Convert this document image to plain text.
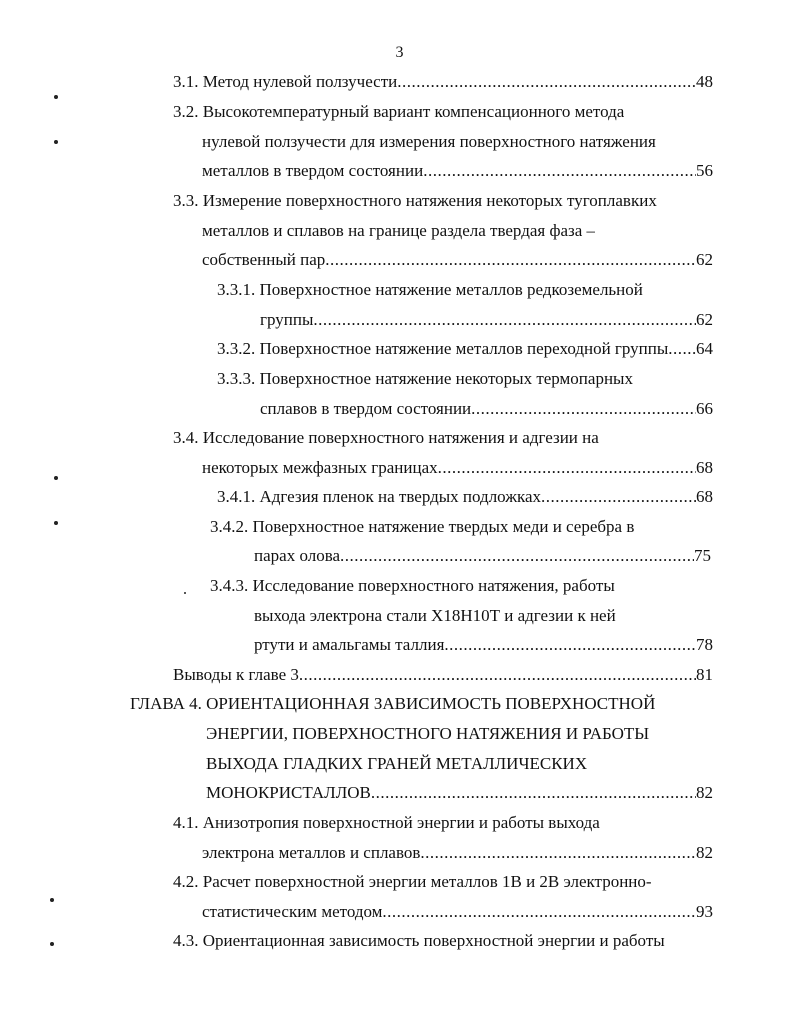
3
3.1. Метод нулевой ползучести .....	48
3.2. Высокотемпературный вариант компенсационного метода
нулевой ползучести для измерения поверхностного натяжения
металлов в твердом состоянии .....	56
3.3. Измерение поверхностного натяжения некоторых тугоплавких
металлов и сплавов на границе раздела твердая фаза –
собственный пар .....	62
3.3.1. Поверхностное натяжение металлов редкоземельной
группы .....	62
3.3.2. Поверхностное натяжение металлов переходной группы ..... 64
3.3.3. Поверхностное натяжение некоторых термопарных
сплавов в твердом состоянии .....	66
3.4. Исследование поверхностного натяжения и адгезии на
некоторых межфазных границах .....	68
3.4.1. Адгезия пленок на твердых подложках .....	68
3.4.2. Поверхностное натяжение твердых меди и серебра в
парах олова .....	75
3.4.3. Исследование поверхностного натяжения, работы
выхода электрона стали Х18Н10Т и адгезии к ней
ртути и амальгамы таллия .....	78
Выводы к главе 3 .....	81
ГЛАВА 4. ОРИЕНТАЦИОННАЯ ЗАВИСИМОСТЬ ПОВЕРХНОСТНОЙ
ЭНЕРГИИ, ПОВЕРХНОСТНОГО НАТЯЖЕНИЯ И РАБОТЫ
ВЫХОДА ГЛАДКИХ ГРАНЕЙ МЕТАЛЛИЧЕСКИХ
МОНОКРИСТАЛЛОВ .....	82
4.1. Анизотропия поверхностной энергии и работы выхода
электрона металлов и сплавов .....	82
4.2. Расчет поверхностной энергии металлов 1В и 2В электронно-
статистическим методом .....	93
4.3. Ориентационная зависимость поверхностной энергии и работы
